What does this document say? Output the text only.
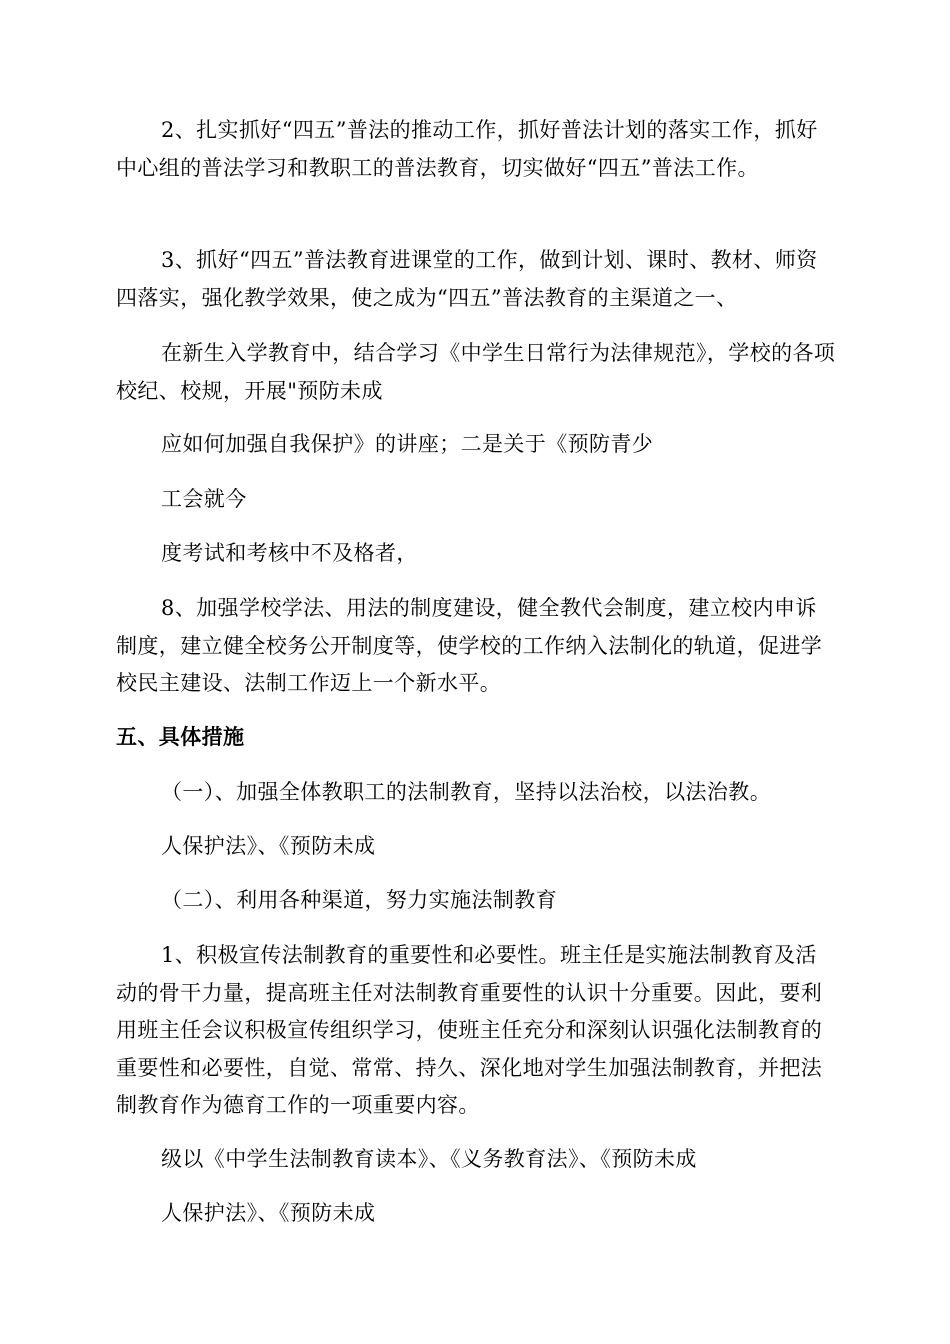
2、扎实抓好“四五”普法的推动工作，抓好普法计划的落实工作，抓好中心组的普法学习和教职工的普法教育，切实做好“四五”普法工作。

3、抓好“四五”普法教育进课堂的工作，做到计划、课时、教材、师资四落实，强化教学效果，使之成为“四五”普法教育的主渠道之一、

在新生入学教育中，结合学习《中学生日常行为法律规范》，学校的各项校纪、校规，开展"预防未成

应如何加强自我保护》的讲座；二是关于《预防青少

工会就今

度考试和考核中不及格者，

8、加强学校学法、用法的制度建设，健全教代会制度，建立校内申诉制度，建立健全校务公开制度等，使学校的工作纳入法制化的轨道，促进学校民主建设、法制工作迈上一个新水平。

五、具体措施

（一）、加强全体教职工的法制教育，坚持以法治校，以法治教。

人保护法》、《预防未成

（二）、利用各种渠道，努力实施法制教育

1、积极宣传法制教育的重要性和必要性。班主任是实施法制教育及活动的骨干力量，提高班主任对法制教育重要性的认识十分重要。因此，要利用班主任会议积极宣传组织学习，使班主任充分和深刻认识强化法制教育的重要性和必要性，自觉、常常、持久、深化地对学生加强法制教育，并把法制教育作为德育工作的一项重要内容。

级以《中学生法制教育读本》、《义务教育法》、《预防未成

人保护法》、《预防未成
